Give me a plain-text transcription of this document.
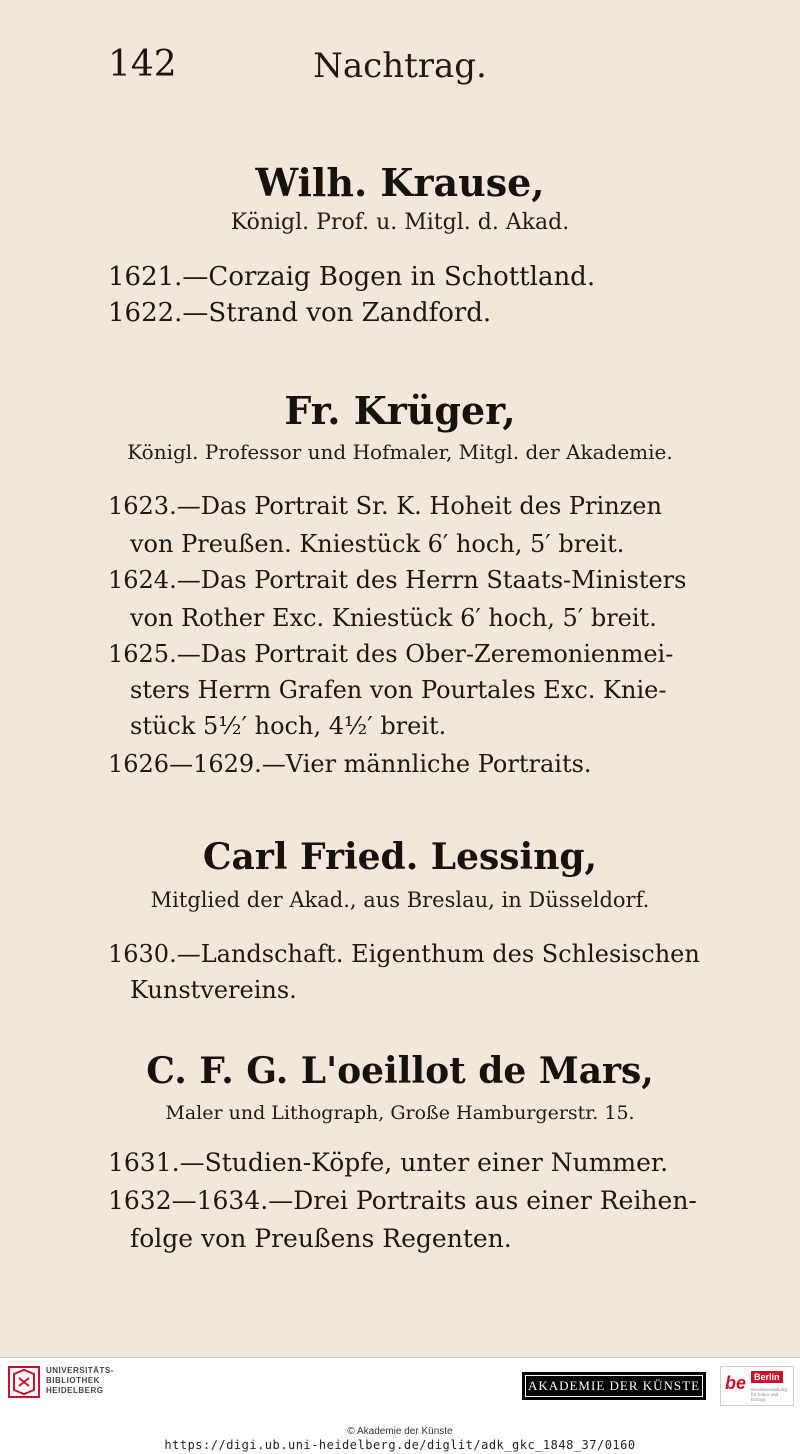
142	Nachtrag.
Wilh. Krause,
Königl. Prof. u. Mitgl. d. Akad.
1621.—Corzaig Bogen in Schottland.
1622.—Strand von Zandford.
Fr. Krüger,
Königl. Professor und Hofmaler, Mitgl. der Akademie.
1623.—Das Portrait Sr. K. Hoheit des Prinzen
von Preußen. Kniestück 6′ hoch, 5′ breit.
1624.—Das Portrait des Herrn Staats-Ministers
von Rother Exc. Kniestück 6′ hoch, 5′ breit.
1625.—Das Portrait des Ober-Zeremonienmei-
sters Herrn Grafen von Pourtales Exc. Knie-
stück 5½′ hoch, 4½′ breit.
1626—1629.—Vier männliche Portraits.
Carl Fried. Lessing,
Mitglied der Akad., aus Breslau, in Düsseldorf.
1630.—Landschaft. Eigenthum des Schlesischen
Kunstvereins.
C. F. G. L'oeillot de Mars,
Maler und Lithograph, Große Hamburgerstr. 15.
1631.—Studien-Köpfe, unter einer Nummer.
1632—1634.—Drei Portraits aus einer Reihen-
folge von Preußens Regenten.
UNIVERSITÄTS-
BIBLIOTHEK
HEIDELBERG	AKADEMIE DER KÜNSTE be Berlin
Senatsverwaltung
für Kultur und Europa
© Akademie der Künste
https://digi.ub.uni-heidelberg.de/diglit/adk_gkc_1848_37/0160
